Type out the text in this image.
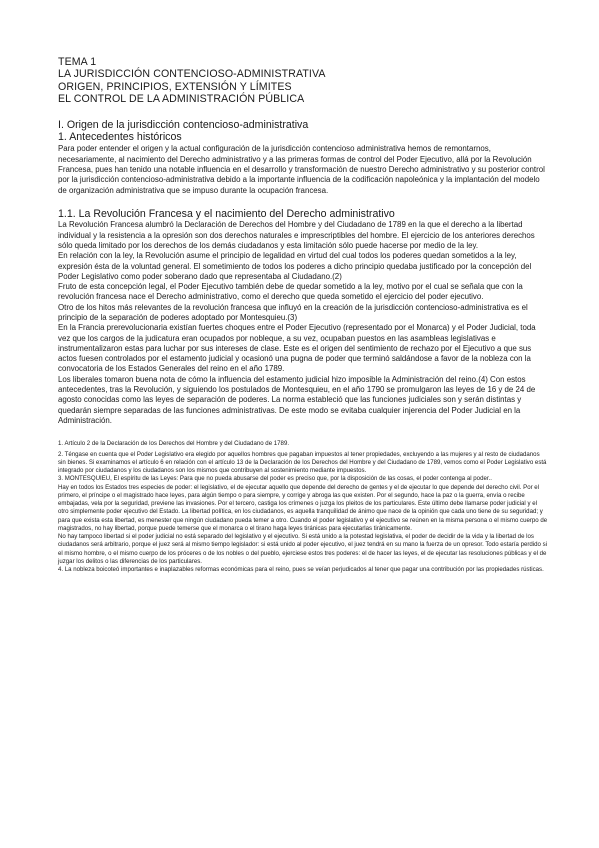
TEMA 1
LA JURISDICCIÓN CONTENCIOSO-ADMINISTRATIVA
ORIGEN, PRINCIPIOS, EXTENSIÓN Y LÍMITES
EL CONTROL DE LA ADMINISTRACIÓN PÚBLICA
I. Origen de la jurisdicción contencioso-administrativa
1. Antecedentes históricos

Para poder entender el origen y la actual configuración de la jurisdicción contencioso administrativa hemos de remontarnos, necesariamente, al nacimiento del Derecho administrativo y a las primeras formas de control del Poder Ejecutivo, allá por la Revolución Francesa, pues han tenido una notable influencia en el desarrollo y transformación de nuestro Derecho administrativo y su posterior control por la jurisdicción contencioso-administrativa debido a la importante influencia de la codificación napoleónica y la implantación del modelo de organización administrativa que se impuso durante la ocupación francesa.

1.1. La Revolución Francesa y el nacimiento del Derecho administrativo

La Revolución Francesa alumbró la Declaración de Derechos del Hombre y del Ciudadano de 1789 en la que el derecho a la libertad individual y la resistencia a la opresión son dos derechos naturales e imprescriptibles del hombre. El ejercicio de los anteriores derechos sólo queda limitado por los derechos de los demás ciudadanos y esta limitación sólo puede hacerse por medio de la ley.

En relación con la ley, la Revolución asume el principio de legalidad en virtud del cual todos los poderes quedan sometidos a la ley, expresión ésta de la voluntad general. El sometimiento de todos los poderes a dicho principio quedaba justificado por la concepción del Poder Legislativo como poder soberano dado que representaba al Ciudadano.(2)

Fruto de esta concepción legal, el Poder Ejecutivo también debe de quedar sometido a la ley, motivo por el cual se señala que con la revolución francesa nace el Derecho administrativo, como el derecho que queda sometido el ejercicio del poder ejecutivo.

Otro de los hitos más relevantes de la revolución francesa que influyó en la creación de la jurisdicción contencioso-administrativa es el principio de la separación de poderes adoptado por Montesquieu.(3)

En la Francia prerevolucionaria existían fuertes choques entre el Poder Ejecutivo (representado por el Monarca) y el Poder Judicial, toda vez que los cargos de la judicatura eran ocupados por nobleque, a su vez, ocupaban puestos en las asambleas legislativas e instrumentalizaron estas para luchar por sus intereses de clase. Este es el origen del sentimiento de rechazo por el Ejecutivo a que sus actos fuesen controlados por el estamento judicial y ocasionó una pugna de poder que terminó saldándose a favor de la nobleza con la convocatoria de los Estados Generales del reino en el año 1789.

Los liberales tomaron buena nota de cómo la influencia del estamento judicial hizo imposible la Administración del reino.(4) Con estos antecedentes, tras la Revolución, y siguiendo los postulados de Montesquieu, en el año 1790 se promulgaron las leyes de 16 y de 24 de agosto conocidas como las leyes de separación de poderes. La norma estableció que las funciones judiciales son y serán distintas y quedarán siempre separadas de las funciones administrativas. De este modo se evitaba cualquier injerencia del Poder Judicial en la Administración.

1. Artículo 2 de la Declaración de los Derechos del Hombre y del Ciudadano de 1789.

2. Téngase en cuenta que el Poder Legislativo era elegido por aquellos hombres que pagaban impuestos al tener propiedades, excluyendo a las mujeres y al resto de ciudadanos sin bienes. Si examinamos el artículo 6 en relación con el artículo 13 de la Declaración de los Derechos del Hombre y del Ciudadano de 1789, vemos como el Poder Legislativo está integrado por ciudadanos y los ciudadanos son los mismos que contribuyen al sostenimiento mediante impuestos.

3. MONTESQUIEU, El espíritu de las Leyes: Para que no pueda abusarse del poder es preciso que, por la disposición de las cosas, el poder contenga al poder..

Hay en todos los Estados tres especies de poder: el legislativo, el de ejecutar aquello que depende del derecho de gentes y el de ejecutar lo que depende del derecho civil. Por el primero, el príncipe o el magistrado hace leyes, para algún tiempo o para siempre, y corrige y abroga las que existen. Por el segundo, hace la paz o la guerra, envía o recibe embajadas, vela por la seguridad, previene las invasiones. Por el tercero, castiga los crímenes o juzga los pleitos de los particulares. Este último debe llamarse poder judicial y el otro simplemente poder ejecutivo del Estado. La libertad política, en los ciudadanos, es aquella tranquilidad de ánimo que nace de la opinión que cada uno tiene de su seguridad; y para que exista esta libertad, es menester que ningún ciudadano pueda temer a otro. Cuando el poder legislativo y el ejecutivo se reúnen en la misma persona o el mismo cuerpo de magistrados, no hay libertad, porque puede temerse que el monarca o el tirano haga leyes tiránicas para ejecutarlas tiránicamente.

No hay tampoco libertad si el poder judicial no está separado del legislativo y el ejecutivo. Si está unido a la potestad legislativa, el poder de decidir de la vida y la libertad de los ciudadanos será arbitrario, porque el juez será al mismo tiempo legislador: si está unido al poder ejecutivo, el juez tendrá en su mano la fuerza de un opresor. Todo estaría perdido si el mismo hombre, o el mismo cuerpo de los próceres o de los nobles o del pueblo, ejerciese estos tres poderes: el de hacer las leyes, el de ejecutar las resoluciones públicas y el de juzgar los delitos o las diferencias de los particulares.

4. La nobleza boicoteó importantes e inaplazables reformas económicas para el reino, pues se veían perjudicados al tener que pagar una contribución por las propiedades rústicas.
